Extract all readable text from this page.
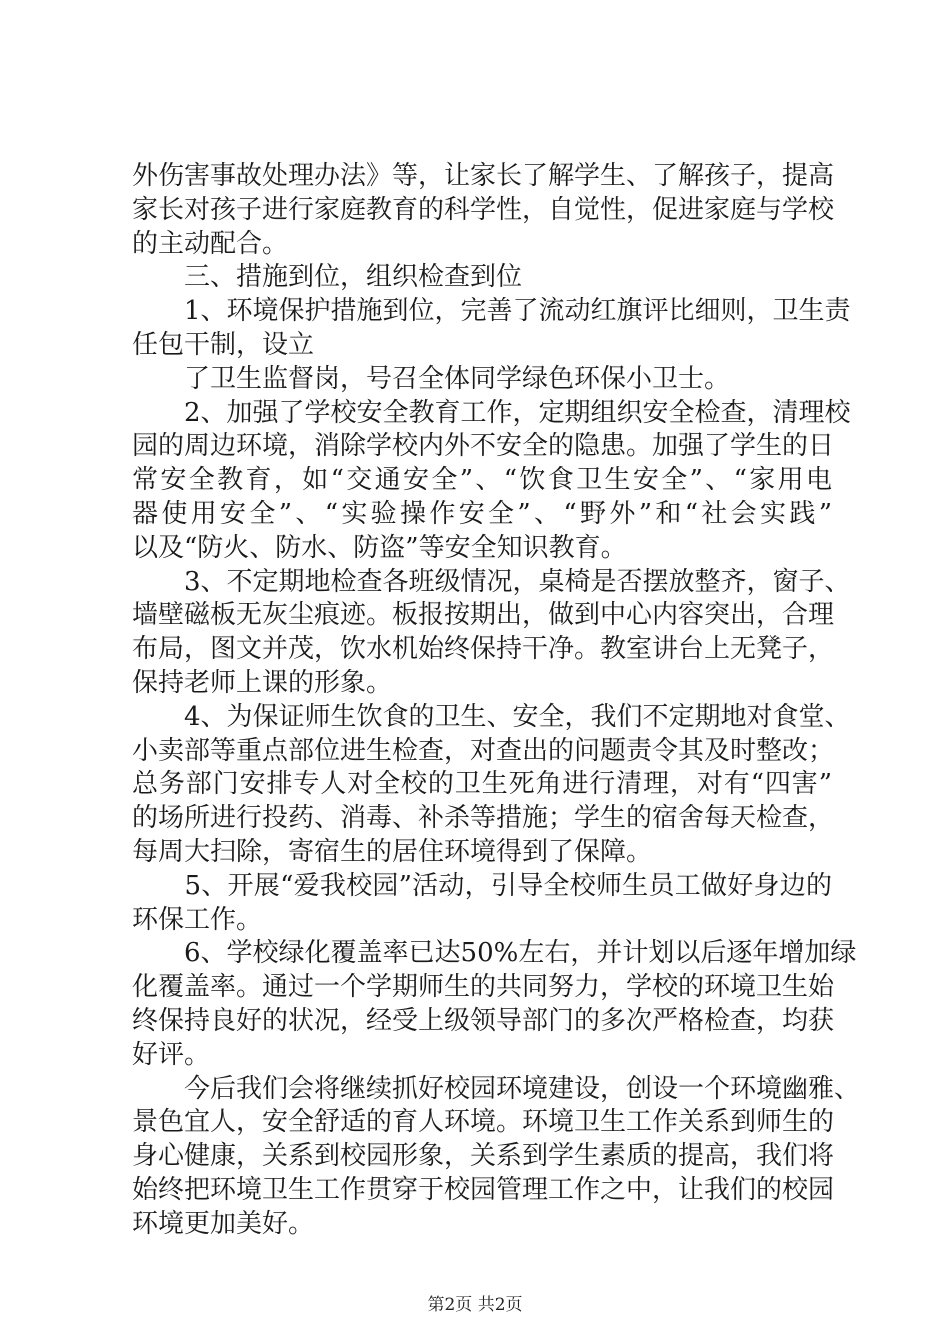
外伤害事故处理办法》等，让家长了解学生、了解孩子，提高
家长对孩子进行家庭教育的科学性，自觉性，促进家庭与学校
的主动配合。
　　三、措施到位，组织检查到位
　　1、环境保护措施到位，完善了流动红旗评比细则，卫生责
任包干制，设立
　　了卫生监督岗，号召全体同学绿色环保小卫士。
　　2、加强了学校安全教育工作，定期组织安全检查，清理校
园的周边环境，消除学校内外不安全的隐患。加强了学生的日
常安全教育，如“交通安全”、“饮食卫生安全”、“家用电
器使用安全”、“实验操作安全”、“野外”和“社会实践”
以及“防火、防水、防盗”等安全知识教育。
　　3、不定期地检查各班级情况，桌椅是否摆放整齐，窗子、
墙壁磁板无灰尘痕迹。板报按期出，做到中心内容突出，合理
布局，图文并茂，饮水机始终保持干净。教室讲台上无凳子，
保持老师上课的形象。
　　4、为保证师生饮食的卫生、安全，我们不定期地对食堂、
小卖部等重点部位进生检查，对查出的问题责令其及时整改；
总务部门安排专人对全校的卫生死角进行清理，对有“四害”
的场所进行投药、消毒、补杀等措施；学生的宿舍每天检查，
每周大扫除，寄宿生的居住环境得到了保障。
　　5、开展“爱我校园”活动，引导全校师生员工做好身边的
环保工作。
　　6、学校绿化覆盖率已达50%左右，并计划以后逐年增加绿
化覆盖率。通过一个学期师生的共同努力，学校的环境卫生始
终保持良好的状况，经受上级领导部门的多次严格检查，均获
好评。
　　今后我们会将继续抓好校园环境建设，创设一个环境幽雅、
景色宜人，安全舒适的育人环境。环境卫生工作关系到师生的
身心健康，关系到校园形象，关系到学生素质的提高，我们将
始终把环境卫生工作贯穿于校园管理工作之中，让我们的校园
环境更加美好。
第2页 共2页
